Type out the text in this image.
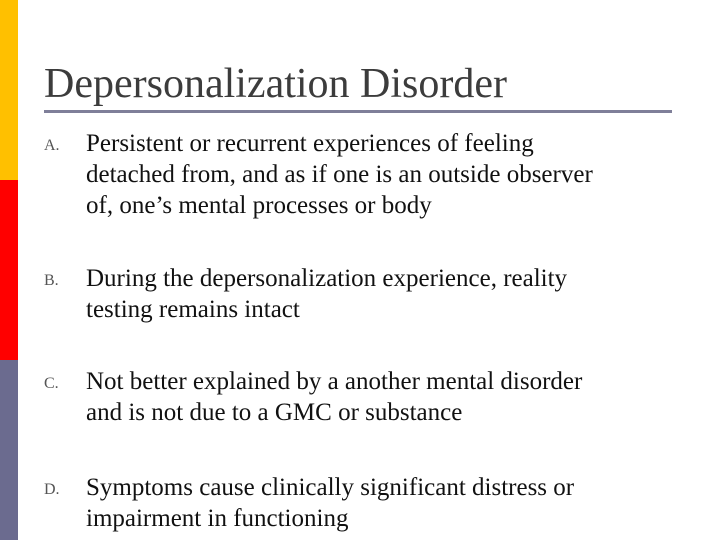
Depersonalization Disorder
A. Persistent or recurrent experiences of feeling
detached from, and as if one is an outside observer
of, one’s mental processes or body
B. During the depersonalization experience, reality
testing remains intact
C. Not better explained by a another mental disorder
and is not due to a GMC or substance
D. Symptoms cause clinically significant distress or
impairment in functioning
